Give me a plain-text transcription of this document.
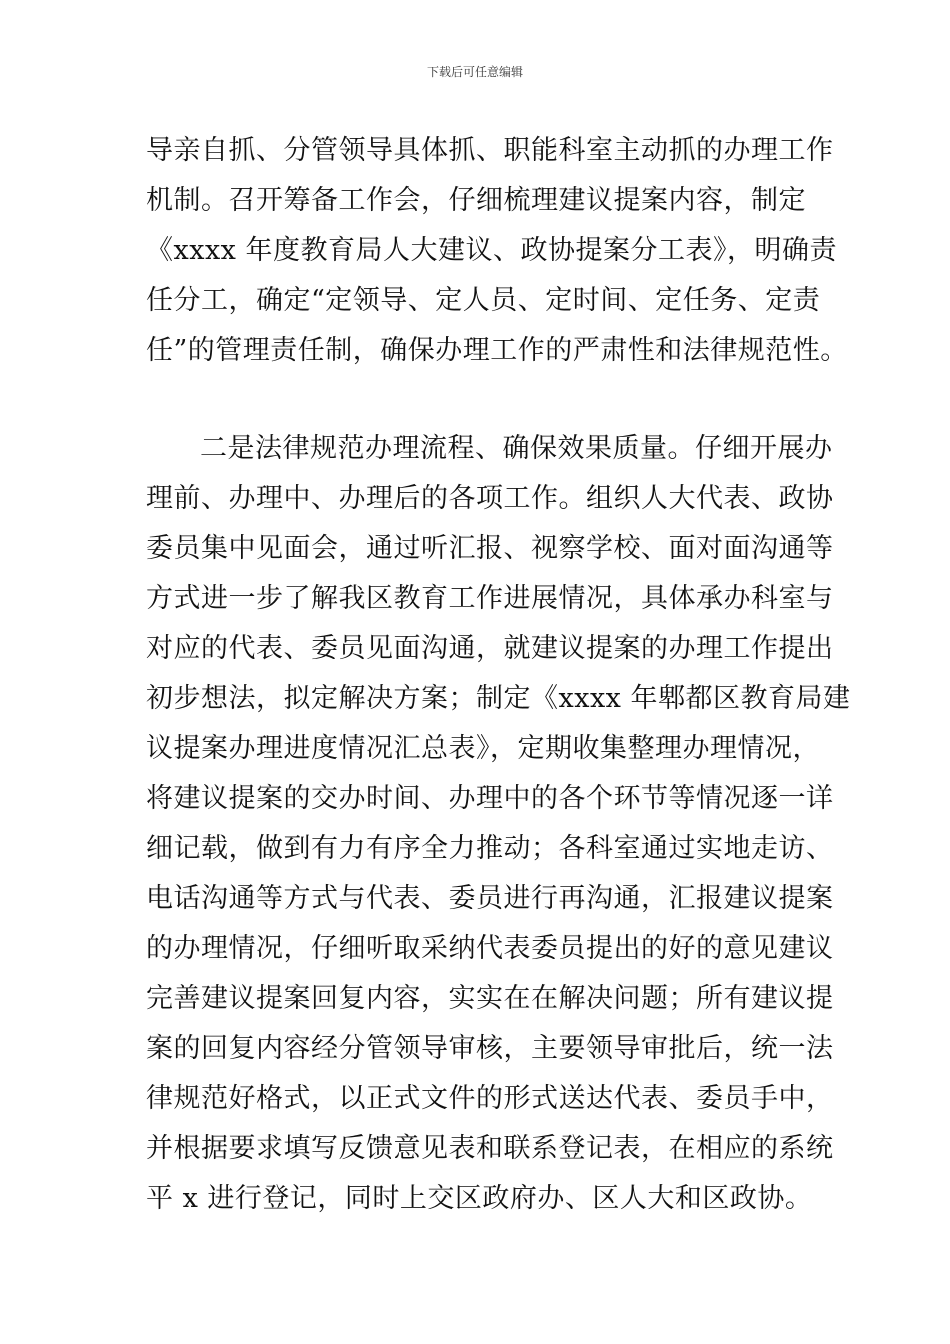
下载后可任意编辑
导亲自抓、分管领导具体抓、职能科室主动抓的办理工作
机制。召开筹备工作会，仔细梳理建议提案内容，制定
《xxxx 年度教育局人大建议、政协提案分工表》，明确责
任分工，确定“定领导、定人员、定时间、定任务、定责
任”的管理责任制，确保办理工作的严肃性和法律规范性。
二是法律规范办理流程、确保效果质量。仔细开展办
理前、办理中、办理后的各项工作。组织人大代表、政协
委员集中见面会，通过听汇报、视察学校、面对面沟通等
方式进一步了解我区教育工作进展情况，具体承办科室与
对应的代表、委员见面沟通，就建议提案的办理工作提出
初步想法，拟定解决方案；制定《xxxx 年郫都区教育局建
议提案办理进度情况汇总表》，定期收集整理办理情况，
将建议提案的交办时间、办理中的各个环节等情况逐一详
细记载，做到有力有序全力推动；各科室通过实地走访、
电话沟通等方式与代表、委员进行再沟通，汇报建议提案
的办理情况，仔细听取采纳代表委员提出的好的意见建议
完善建议提案回复内容，实实在在解决问题；所有建议提
案的回复内容经分管领导审核，主要领导审批后，统一法
律规范好格式，以正式文件的形式送达代表、委员手中，
并根据要求填写反馈意见表和联系登记表，在相应的系统
平 x 进行登记，同时上交区政府办、区人大和区政协。
